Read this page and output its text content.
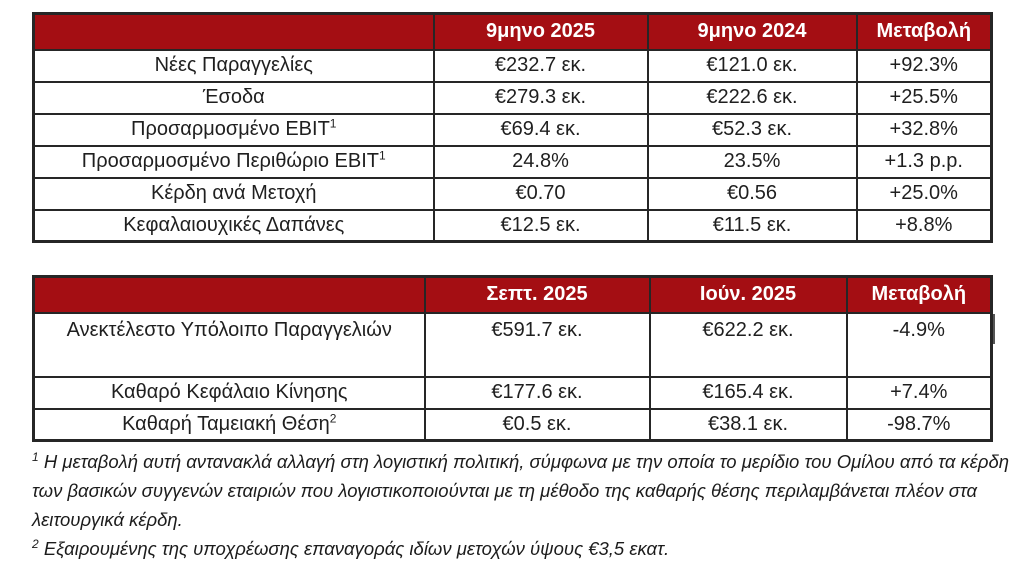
	9μηνο 2025	9μηνο 2024	Μεταβολή
Νέες Παραγγελίες	€232.7 εκ.	€121.0 εκ.	+92.3%
Έσοδα	€279.3 εκ.	€222.6 εκ.	+25.5%
Προσαρμοσμένο EBIT$^1$	€69.4 εκ.	€52.3 εκ.	+32.8%
Προσαρμοσμένο Περιθώριο EBIT$^1$	24.8%	23.5%	+1.3 p.p.
Κέρδη ανά Μετοχή	€0.70	€0.56	+25.0%
Κεφαλαιουχικές Δαπάνες	€12.5 εκ.	€11.5 εκ.	+8.8%
	Σεπτ. 2025	Ιούν. 2025	Μεταβολή
Ανεκτέλεστο Υπόλοιπο Παραγγελιών	€591.7 εκ.	€622.2 εκ.	-4.9%
Καθαρό Κεφάλαιο Κίνησης	€177.6 εκ.	€165.4 εκ.	+7.4%
Καθαρή Ταμειακή Θέση$^2$	€0.5 εκ.	€38.1 εκ.	-98.7%

$^1$ Η μεταβολή αυτή αντανακλά αλλαγή στη λογιστική πολιτική, σύμφωνα με την οποία το μερίδιο του Ομίλου από τα κέρδη των βασικών συγγενών εταιριών που λογιστικοποιούνται με τη μέθοδο της καθαρής θέσης περιλαμβάνεται πλέον στα λειτουργικά κέρδη.

$^2$ Εξαιρουμένης της υποχρέωσης επαναγοράς ιδίων μετοχών ύψους €3,5 εκατ.
